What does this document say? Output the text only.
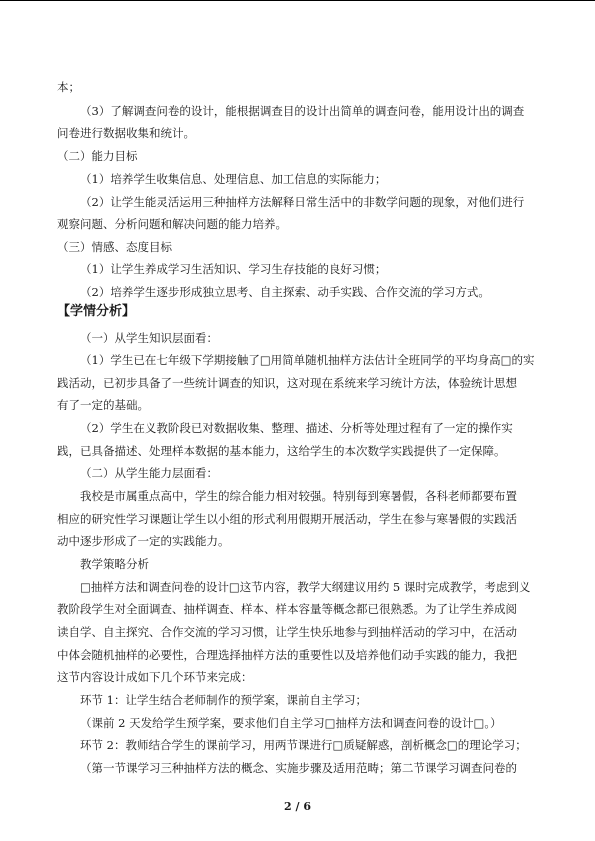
本；
（3）了解调查问卷的设计，能根据调查目的设计出简单的调查问卷，能用设计出的调查
问卷进行数据收集和统计。
（二）能力目标
（1）培养学生收集信息、处理信息、加工信息的实际能力；
（2）让学生能灵活运用三种抽样方法解释日常生活中的非数学问题的现象，对他们进行
观察问题、分析问题和解决问题的能力培养。
（三）情感、态度目标
（1）让学生养成学习生活知识、学习生存技能的良好习惯；
（2）培养学生逐步形成独立思考、自主探索、动手实践、合作交流的学习方式。
【学情分析】
（一）从学生知识层面看：
（1）学生已在七年级下学期接触了□用简单随机抽样方法估计全班同学的平均身高□的实
践活动，已初步具备了一些统计调查的知识，这对现在系统来学习统计方法，体验统计思想
有了一定的基础。
（2）学生在义教阶段已对数据收集、整理、描述、分析等处理过程有了一定的操作实
践，已具备描述、处理样本数据的基本能力，这给学生的本次数学实践提供了一定保障。
（二）从学生能力层面看：
我校是市属重点高中，学生的综合能力相对较强。特别每到寒暑假，各科老师都要布置
相应的研究性学习课题让学生以小组的形式利用假期开展活动，学生在参与寒暑假的实践活
动中逐步形成了一定的实践能力。
教学策略分析
□抽样方法和调查问卷的设计□这节内容，教学大纲建议用约 5 课时完成教学，考虑到义
教阶段学生对全面调查、抽样调查、样本、样本容量等概念都已很熟悉。为了让学生养成阅
读自学、自主探究、合作交流的学习习惯，让学生快乐地参与到抽样活动的学习中，在活动
中体会随机抽样的必要性，合理选择抽样方法的重要性以及培养他们动手实践的能力，我把
这节内容设计成如下几个环节来完成：
环节 1：让学生结合老师制作的预学案，课前自主学习；
（课前 2 天发给学生预学案，要求他们自主学习□抽样方法和调查问卷的设计□。）
环节 2：教师结合学生的课前学习，用两节课进行□质疑解惑，剖析概念□的理论学习；
（第一节课学习三种抽样方法的概念、实施步骤及适用范畴；第二节课学习调查问卷的
2 / 6
